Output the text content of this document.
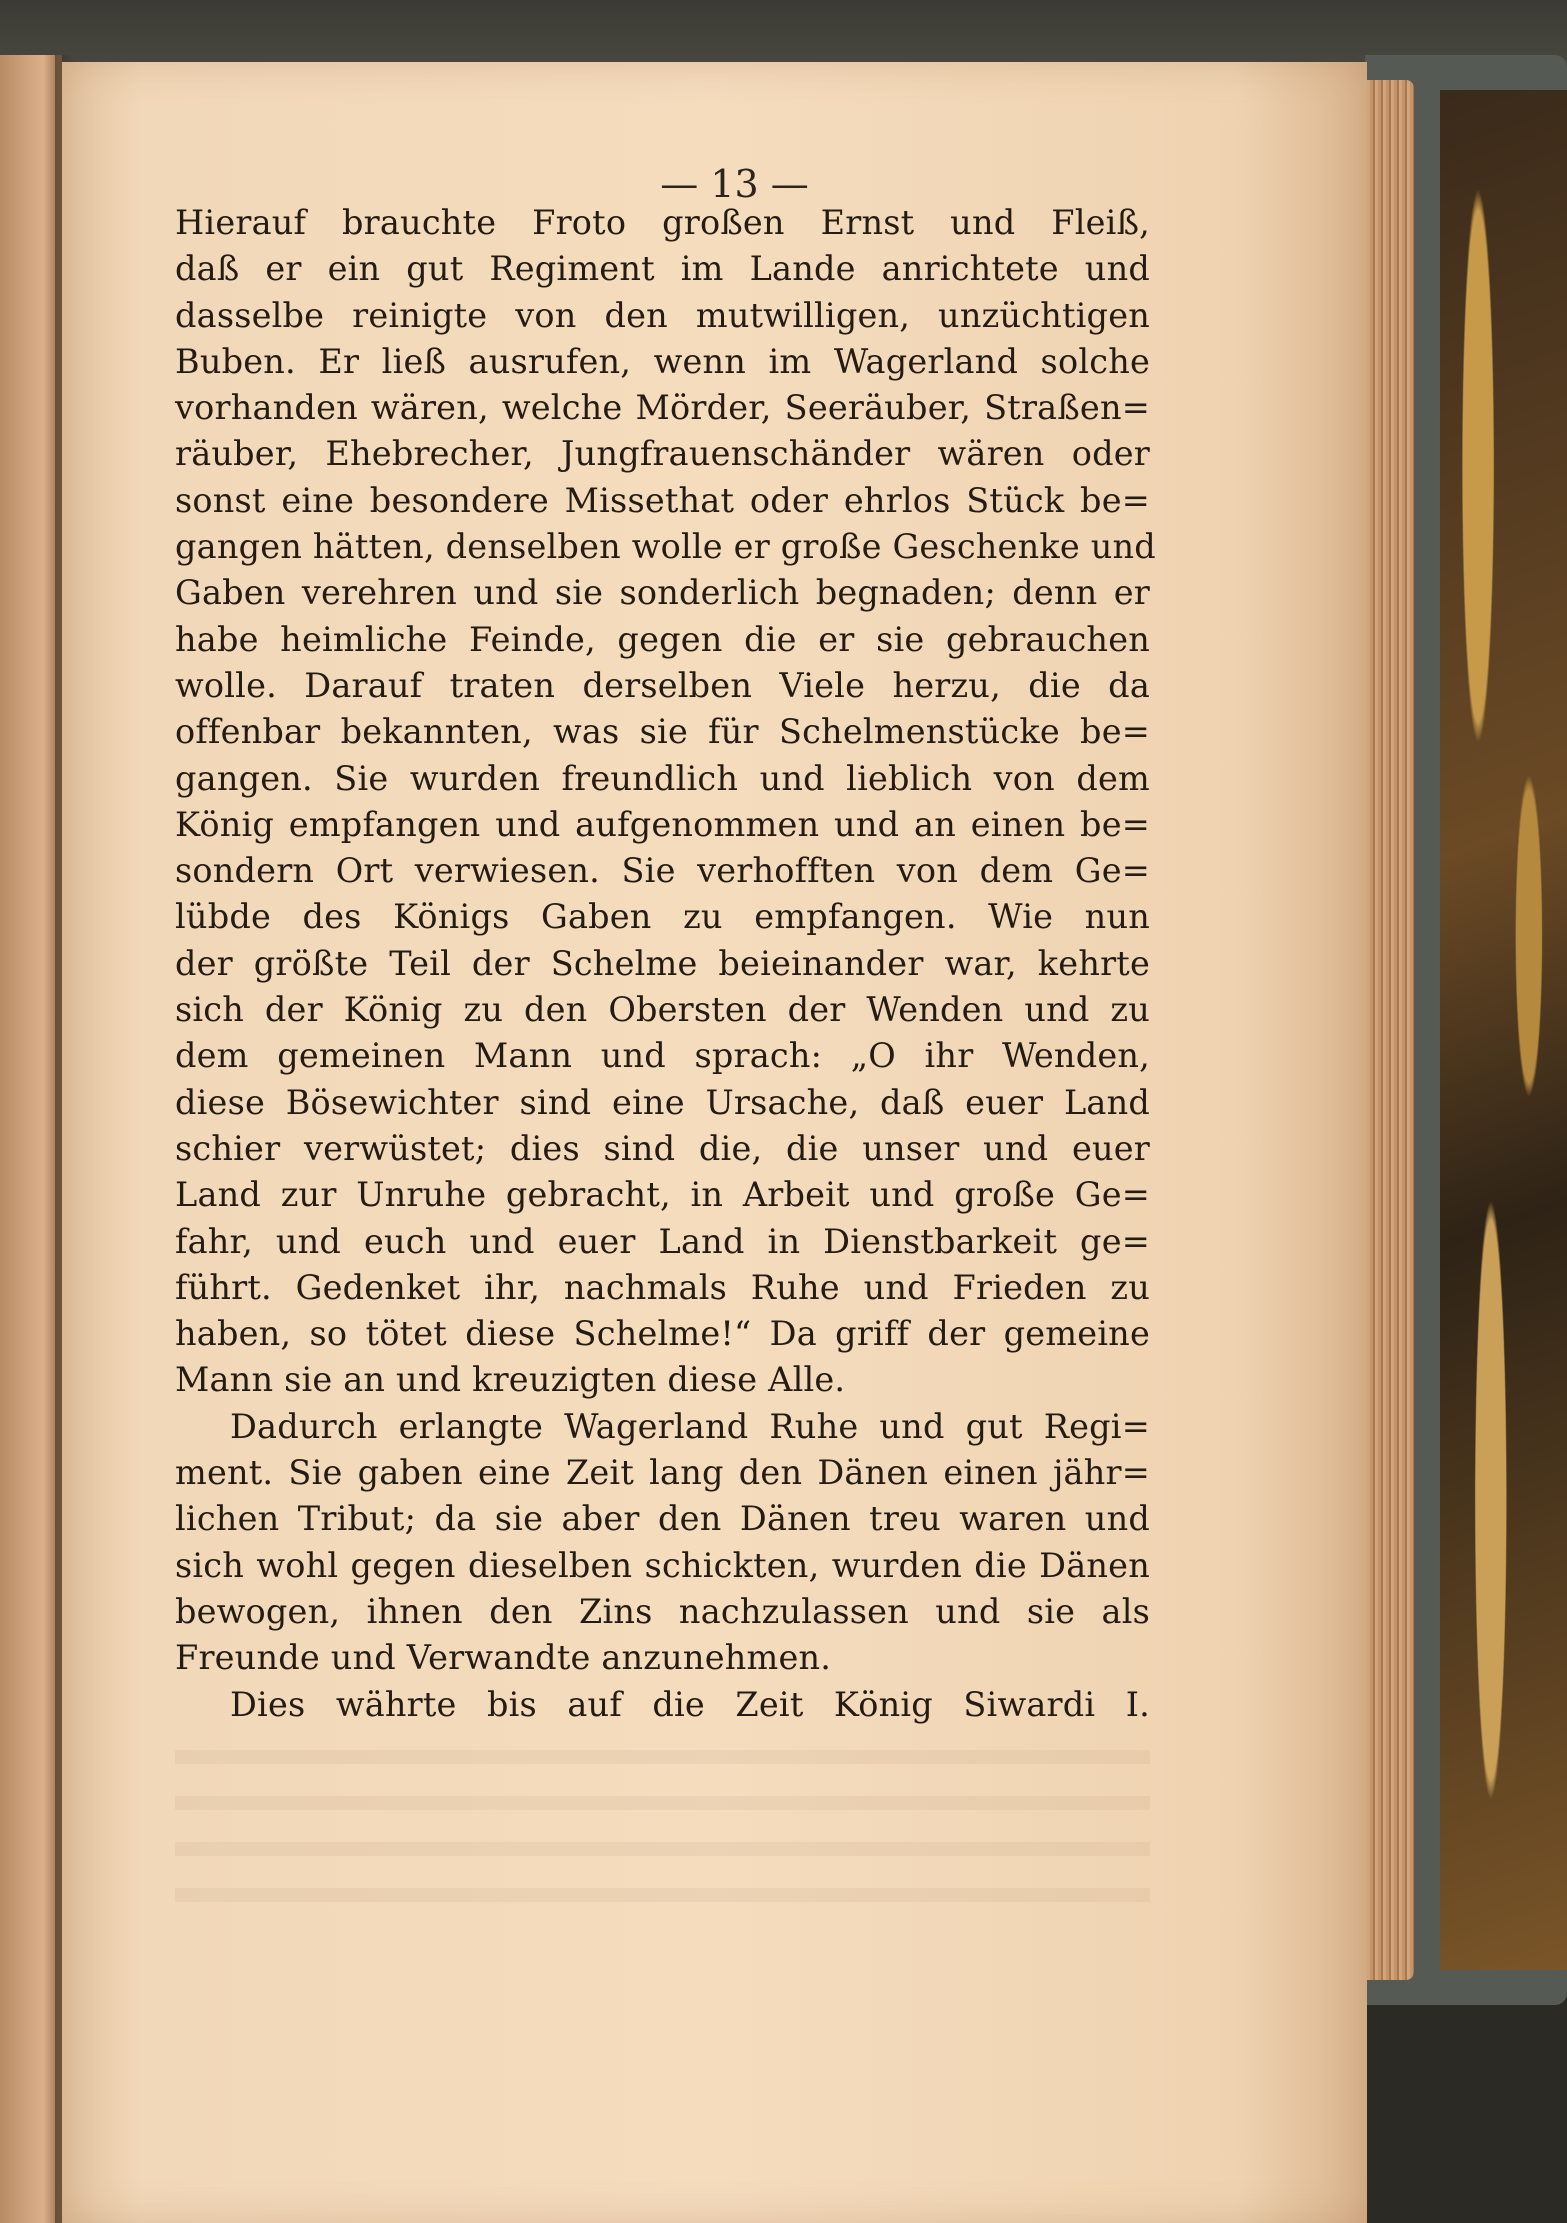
— 13 —
Hierauf brauchte Froto großen Ernst und Fleiß,
daß er ein gut Regiment im Lande anrichtete und
dasselbe reinigte von den mutwilligen, unzüchtigen
Buben. Er ließ ausrufen, wenn im Wagerland solche
vorhanden wären, welche Mörder, Seeräuber, Straßen=
räuber, Ehebrecher, Jungfrauenschänder wären oder
sonst eine besondere Missethat oder ehrlos Stück be=
gangen hätten, denselben wolle er große Geschenke und
Gaben verehren und sie sonderlich begnaden; denn er
habe heimliche Feinde, gegen die er sie gebrauchen
wolle. Darauf traten derselben Viele herzu, die da
offenbar bekannten, was sie für Schelmenstücke be=
gangen. Sie wurden freundlich und lieblich von dem
König empfangen und aufgenommen und an einen be=
sondern Ort verwiesen. Sie verhofften von dem Ge=
lübde des Königs Gaben zu empfangen. Wie nun
der größte Teil der Schelme beieinander war, kehrte
sich der König zu den Obersten der Wenden und zu
dem gemeinen Mann und sprach: „O ihr Wenden,
diese Bösewichter sind eine Ursache, daß euer Land
schier verwüstet; dies sind die, die unser und euer
Land zur Unruhe gebracht, in Arbeit und große Ge=
fahr, und euch und euer Land in Dienstbarkeit ge=
führt. Gedenket ihr, nachmals Ruhe und Frieden zu
haben, so tötet diese Schelme!“ Da griff der gemeine
Mann sie an und kreuzigten diese Alle.
Dadurch erlangte Wagerland Ruhe und gut Regi=
ment. Sie gaben eine Zeit lang den Dänen einen jähr=
lichen Tribut; da sie aber den Dänen treu waren und
sich wohl gegen dieselben schickten, wurden die Dänen
bewogen, ihnen den Zins nachzulassen und sie als
Freunde und Verwandte anzunehmen.
Dies währte bis auf die Zeit König Siwardi I.
